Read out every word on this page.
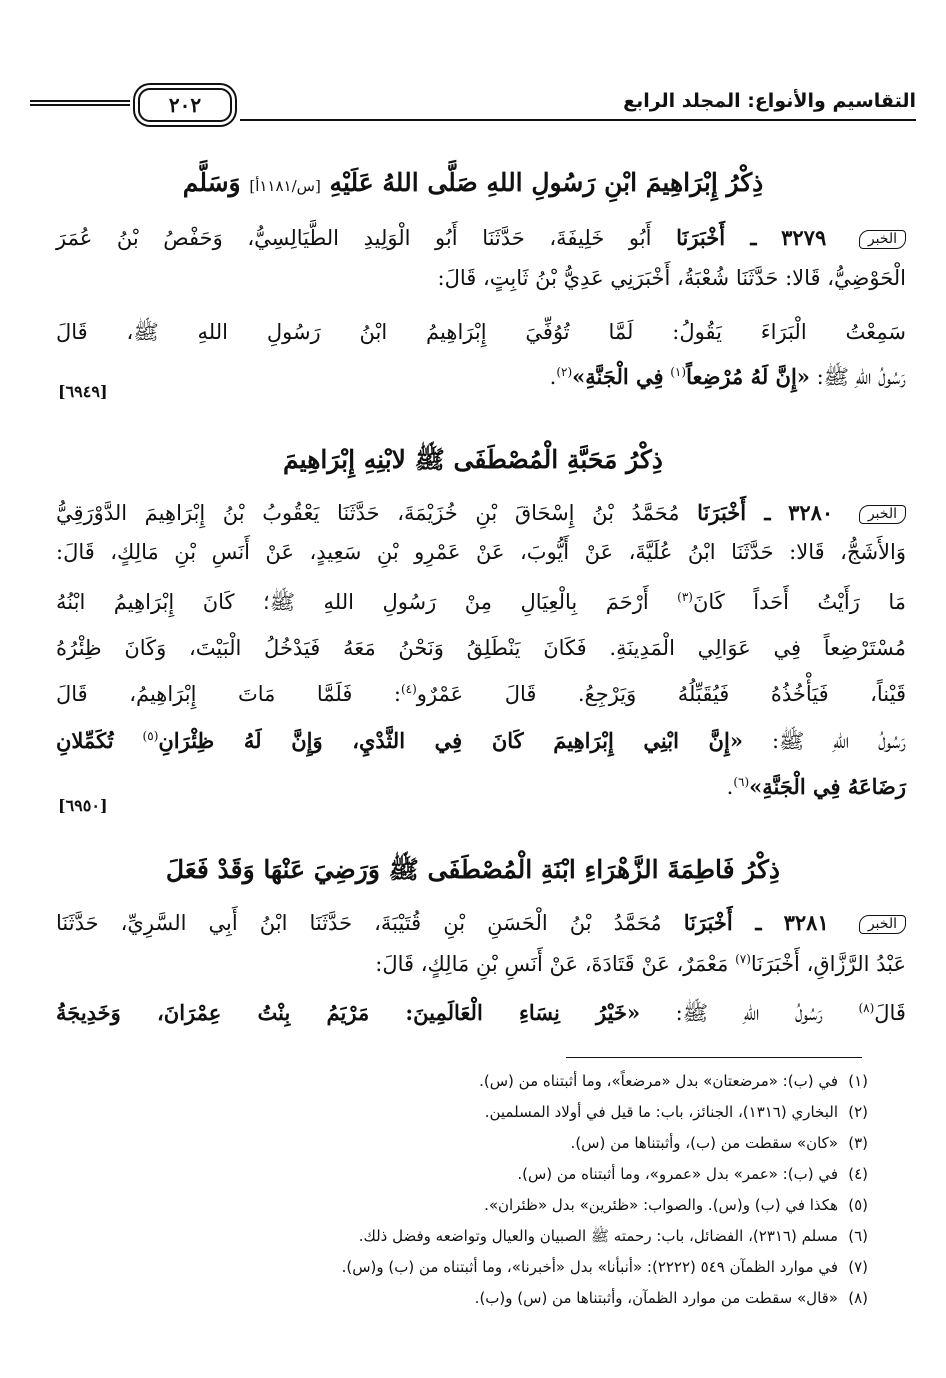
التقاسيم والأنواع: المجلد الرابع
٢٠٢
ذِكْرُ إِبْرَاهِيمَ ابْنِ رَسُولِ اللهِ صَلَّى اللهُ عَلَيْهِ [س/١١٨١أ] وَسَلَّم
الخبر ٣٢٧٩ ـ أَخْبَرَنَا أَبُو خَلِيفَةَ، حَدَّثَنَا أَبُو الْوَلِيدِ الطَّيَالِسِيُّ، وَحَفْصُ بْنُ عُمَرَ
الْحَوْضِيُّ، قَالا: حَدَّثَنَا شُعْبَةُ، أَخْبَرَنِي عَدِيُّ بْنُ ثَابِتٍ، قَالَ:
سَمِعْتُ الْبَرَاءَ يَقُولُ: لَمَّا تُوُفِّيَ إِبْرَاهِيمُ ابْنُ رَسُولِ اللهِ ﷺ، قَالَ
رَسُولُ اللهِ ﷺ: «إِنَّ لَهُ مُرْضِعاً$^{(١)}$ فِي الْجَنَّةِ»$^{(٢)}$.
[٦٩٤٩]
ذِكْرُ مَحَبَّةِ الْمُصْطَفَى ﷺ لابْنِهِ إِبْرَاهِيمَ
الخبر ٣٢٨٠ ـ أَخْبَرَنَا مُحَمَّدُ بْنُ إِسْحَاقَ بْنِ خُزَيْمَةَ، حَدَّثَنَا يَعْقُوبُ بْنُ إِبْرَاهِيمَ الدَّوْرَقِيُّ
وَالأَشَجُّ، قَالا: حَدَّثَنَا ابْنُ عُلَيَّةَ، عَنْ أَيُّوبَ، عَنْ عَمْرِو بْنِ سَعِيدٍ، عَنْ أَنَسِ بْنِ مَالِكٍ، قَالَ:
مَا رَأَيْتُ أَحَداً كَانَ$^{(٣)}$ أَرْحَمَ بِالْعِيَالِ مِنْ رَسُولِ اللهِ ﷺ؛ كَانَ إِبْرَاهِيمُ ابْنُهُ
مُسْتَرْضِعاً فِي عَوَالِي الْمَدِينَةِ. فَكَانَ يَنْطَلِقُ وَنَحْنُ مَعَهُ فَيَدْخُلُ الْبَيْتَ، وَكَانَ ظِئْرُهُ
قَيْناً، فَيَأْخُذُهُ فَيُقَبِّلُهُ وَيَرْجِعُ. قَالَ عَمْرٌو$^{(٤)}$: فَلَمَّا مَاتَ إِبْرَاهِيمُ، قَالَ
رَسُولُ اللهِ ﷺ: «إِنَّ ابْنِي إِبْرَاهِيمَ كَانَ فِي الثَّدْيِ، وَإِنَّ لَهُ ظِئْرَانِ$^{(٥)}$ تُكَمِّلانِ
رَضَاعَهُ فِي الْجَنَّةِ»$^{(٦)}$.
[٦٩٥٠]
ذِكْرُ فَاطِمَةَ الزَّهْرَاءِ ابْنَةِ الْمُصْطَفَى ﷺ وَرَضِيَ عَنْهَا وَقَدْ فَعَلَ
الخبر ٣٢٨١ ـ أَخْبَرَنَا مُحَمَّدُ بْنُ الْحَسَنِ بْنِ قُتَيْبَةَ، حَدَّثَنَا ابْنُ أَبِي السَّرِيِّ، حَدَّثَنَا
عَبْدُ الرَّزَّاقِ، أَخْبَرَنَا$^{(٧)}$ مَعْمَرٌ، عَنْ قَتَادَةَ، عَنْ أَنَسِ بْنِ مَالِكٍ، قَالَ:
قَالَ$^{(٨)}$ رَسُولُ اللهِ ﷺ: «خَيْرُ نِسَاءِ الْعَالَمِينَ: مَرْيَمُ بِنْتُ عِمْرَانَ، وَخَدِيجَةُ
(١)في (ب): «مرضعتان» بدل «مرضعاً»، وما أثبتناه من (س).
(٢)البخاري (١٣١٦)، الجنائز، باب: ما قيل في أولاد المسلمين.
(٣)«كان» سقطت من (ب)، وأثبتناها من (س).
(٤)في (ب): «عمر» بدل «عمرو»، وما أثبتناه من (س).
(٥)هكذا في (ب) و(س). والصواب: «ظئرين» بدل «ظئران».
(٦)مسلم (٢٣١٦)، الفضائل، باب: رحمته ﷺ الصبيان والعيال وتواضعه وفضل ذلك.
(٧)في موارد الظمآن ٥٤٩ (٢٢٢٢): «أنبأنا» بدل «أخبرنا»، وما أثبتناه من (ب) و(س).
(٨)«قال» سقطت من موارد الظمآن، وأثبتناها من (س) و(ب).
